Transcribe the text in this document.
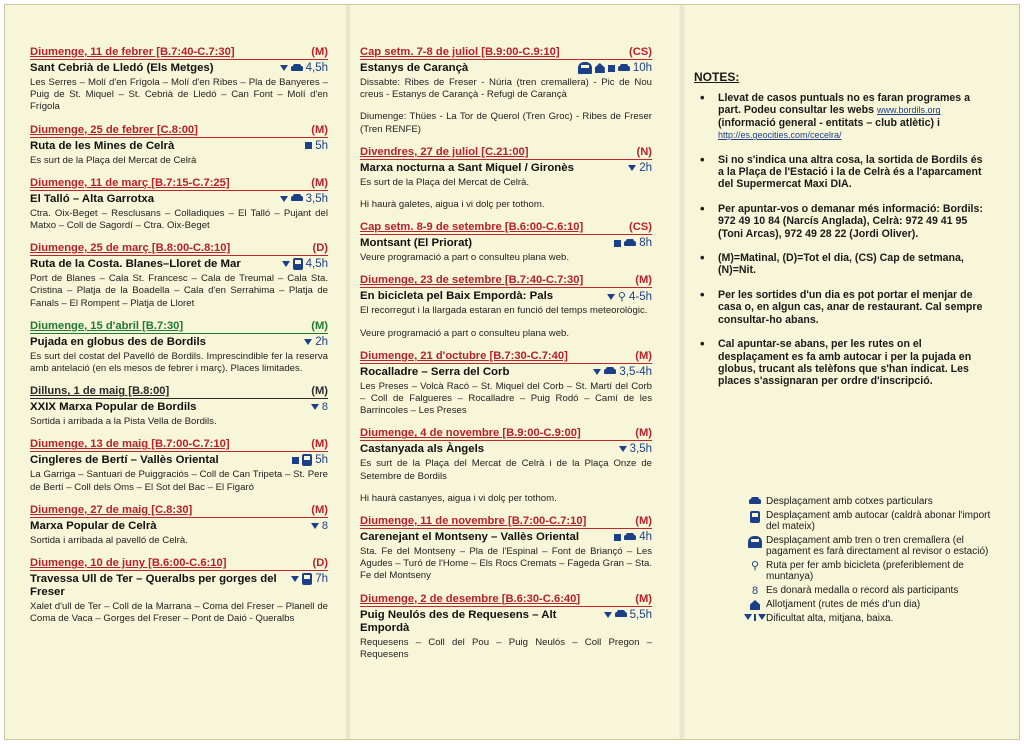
Diumenge, 11 de febrer [B.7:40-C.7:30]	(M)
Sant Cebrià de Lledó (Els Metges)	4,5h

Les Serres – Molí d'en Frígola – Molí d'en Ribes – Pla de Banyeres – Puig de St. Miquel – St. Cebrià de Lledó – Can Font – Molí d'en Frígola

Diumenge, 25 de febrer [C.8:00]	(M)
Ruta de les Mines de Celrà	5h

Es surt de la Plaça del Mercat de Celrà

Diumenge, 11 de març [B.7:15-C.7:25]	(M)
El Talló – Alta Garrotxa	3,5h

Ctra. Oix-Beget – Resclusans – Colladiques – El Talló – Pujant del Matxo – Coll de Sagordí – Ctra. Oix-Beget

Diumenge, 25 de març [B.8:00-C.8:10]	(D)
Ruta de la Costa. Blanes–Lloret de Mar	4,5h

Port de Blanes – Cala St. Francesc – Cala de Treumal – Cala Sta. Cristina – Platja de la Boadella – Cala d'en Serrahima – Platja de Fanals – El Rompent – Platja de Lloret

Diumenge, 15 d'abril [B.7:30]	(M)
Pujada en globus des de Bordils	2h

Es surt del costat del Pavelló de Bordils. Imprescindible fer la reserva amb antelació (en els mesos de febrer i març). Places limitades.

Dilluns, 1 de maig [B.8:00]	(M)
XXIX Marxa Popular de Bordils	8

Sortida i arribada a la Pista Vella de Bordils.

Diumenge, 13 de maig [B.7:00-C.7:10]	(M)
Cingleres de Bertí – Vallès Oriental	5h

La Garriga – Santuari de Puiggraciós – Coll de Can Tripeta – St. Pere de Bertí – Coll dels Oms – El Sot del Bac – El Figaró

Diumenge, 27 de maig [C.8:30]	(M)
Marxa Popular de Celrà	8

Sortida i arribada al pavelló de Celrà.

Diumenge, 10 de juny [B.6:00-C.6:10]	(D)
Travessa Ull de Ter – Queralbs per gorges del Freser
7h

Xalet d'ull de Ter – Coll de la Marrana – Coma del Freser – Planell de Coma de Vaca – Gorges del Freser – Pont de Daió - Queralbs

Cap setm. 7-8 de juliol [B.9:00-C.9:10]	(CS)
Estanys de Carançà	10h

Dissabte: Ribes de Freser - Núria (tren cremallera) - Pic de Nou creus - Estanys de Carançà - Refugi de Carançà

Diumenge: Thües - La Tor de Querol (Tren Groc) - Ribes de Freser (Tren RENFE)

Divendres, 27 de juliol [C.21:00]	(N)
Marxa nocturna a Sant Miquel / Gironès	2h

Es surt de la Plaça del Mercat de Celrà.

Hi haurà galetes, aigua i vi dolç per tothom.

Cap setm. 8-9 de setembre [B.6:00-C.6:10]	(CS)
Montsant (El Priorat)	8h

Veure programació a part o consulteu plana web.

Diumenge, 23 de setembre [B.7:40-C.7:30]	(M)
En bicicleta pel Baix Empordà: Pals	⚲ 4-5h

El recorregut i la llargada estaran en funció del temps meteorològic.

Veure programació a part o consulteu plana web.

Diumenge, 21 d'octubre [B.7:30-C.7:40]	(M)
Rocalladre – Serra del Corb	3,5-4h

Les Preses – Volcà Racó – St. Miquel del Corb – St. Martí del Corb – Coll de Falgueres – Rocalladre – Puig Rodó – Camí de les Barrincoles – Les Preses

Diumenge, 4 de novembre [B.9:00-C.9:00]	(M)
Castanyada als Àngels	3,5h

Es surt de la Plaça del Mercat de Celrà i de la Plaça Onze de Setembre de Bordils

Hi haurà castanyes, aigua i vi dolç per tothom.

Diumenge, 11 de novembre [B.7:00-C.7:10]	(M)
Carenejant el Montseny – Vallès Oriental	4h

Sta. Fe del Montseny – Pla de l'Espinal – Font de Briançó – Les Agudes – Turó de l'Home – Els Rocs Cremats – Fageda Gran – Sta. Fe del Montseny

Diumenge, 2 de desembre [B.6:30-C.6:40]	(M)
Puig Neulós des de Requesens – Alt Empordà
5,5h

Requesens – Coll del Pou – Puig Neulós – Coll Pregon – Requesens

NOTES:
• Llevat de casos puntuals no es faran programes a part. Podeu consultar les webs www.bordils.org (informació general - entitats – club atlètic) i
http://es.geocities.com/cecelra/
• Si no s'indica una altra cosa, la sortida de Bordils és a la Plaça de l'Estació i la de Celrà és a l'aparcament del Supermercat Maxi DIA.
• Per apuntar-vos o demanar més informació: Bordils: 972 49 10 84 (Narcís Anglada), Celrà: 972 49 41 95 (Toni Arcas), 972 49 28 22 (Jordi Oliver).
• (M)=Matinal, (D)=Tot el dia, (CS) Cap de setmana, (N)=Nit.
• Per les sortides d'un dia es pot portar el menjar de casa o, en algun cas, anar de restaurant. Cal sempre consultar-ho abans.
• Cal apuntar-se abans, per les rutes on el desplaçament es fa amb autocar i per la pujada en globus, trucant als telèfons que s'han indicat. Les places s'assignaran per ordre d'inscripció.
Desplaçament amb cotxes particulars
Desplaçament amb autocar (caldrà abonar l'import del mateix)
Desplaçament amb tren o tren cremallera (el pagament es farà directament al revisor o estació)
⚲ Ruta per fer amb bicicleta (preferiblement de muntanya)
8 Es donarà medalla o record als participants
Allotjament (rutes de més d'un dia)
Dificultat alta, mitjana, baixa.
